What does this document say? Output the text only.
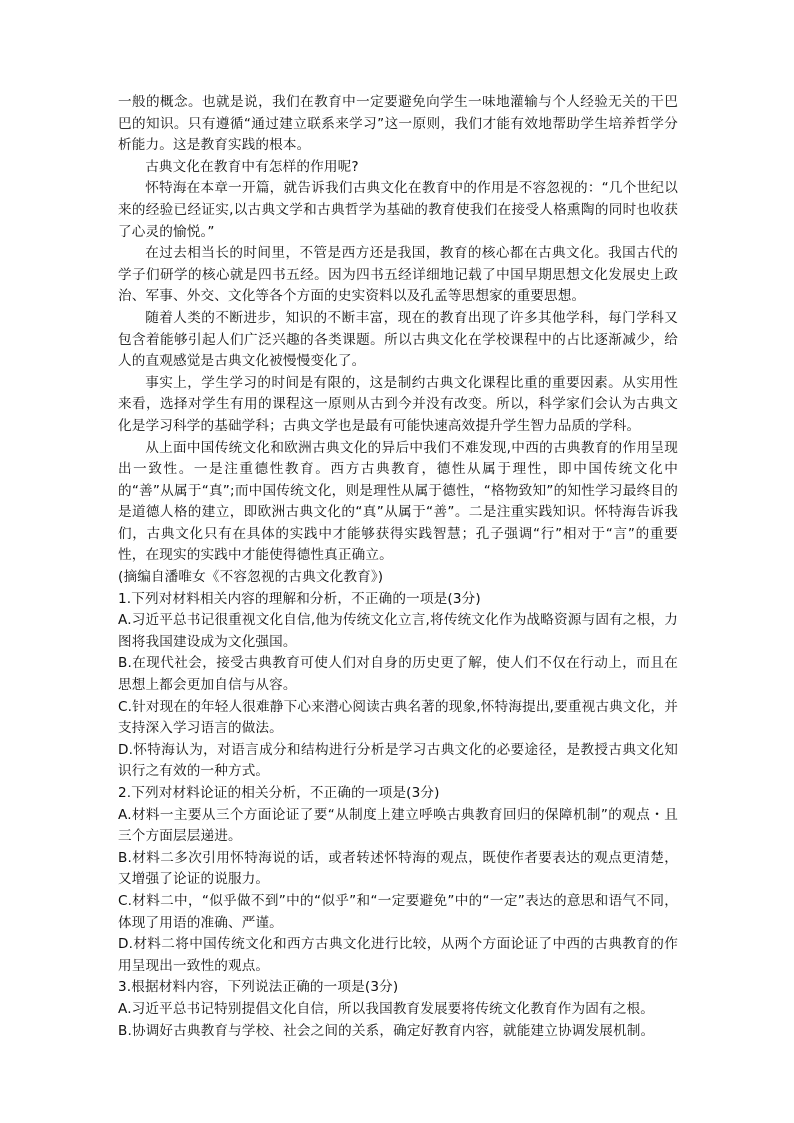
一般的概念。也就是说，我们在教育中一定要避免向学生一味地灌输与个人经验无关的干巴巴的知识。只有遵循“通过建立联系来学习”这一原则，我们才能有效地帮助学生培养哲学分析能力。这是教育实践的根本。

古典文化在教育中有怎样的作用呢?

怀特海在本章一开篇，就告诉我们古典文化在教育中的作用是不容忽视的：“几个世纪以来的经验已经证实,以古典文学和古典哲学为基础的教育使我们在接受人格熏陶的同时也收获了心灵的愉悦。”

在过去相当长的时间里，不管是西方还是我国，教育的核心都在古典文化。我国古代的学子们研学的核心就是四书五经。因为四书五经详细地记载了中国早期思想文化发展史上政治、军事、外交、文化等各个方面的史实资料以及孔孟等思想家的重要思想。

随着人类的不断进步，知识的不断丰富，现在的教育出现了许多其他学科，每门学科又包含着能够引起人们广泛兴趣的各类课题。所以古典文化在学校课程中的占比逐渐减少，给人的直观感觉是古典文化被慢慢变化了。

事实上，学生学习的时间是有限的，这是制约古典文化课程比重的重要因素。从实用性来看，选择对学生有用的课程这一原则从古到今并没有改变。所以，科学家们会认为古典文化是学习科学的基础学科；古典文学也是最有可能快速高效提升学生智力品质的学科。

从上面中国传统文化和欧洲古典文化的异后中我们不难发现,中西的古典教育的作用呈现出一致性。一是注重德性教育。西方古典教育，德性从属于理性，即中国传统文化中的“善”从属于“真”;而中国传统文化，则是理性从属于德性，“格物致知”的知性学习最终目的是道德人格的建立，即欧洲古典文化的“真”从属于“善”。二是注重实践知识。怀特海告诉我们，古典文化只有在具体的实践中才能够获得实践智慧；孔子强调“行”相对于“言”的重要性，在现实的实践中才能使得德性真正确立。

(摘编自潘唯女《不容忽视的古典文化教育》)

1.下列对材料相关内容的理解和分析，不正确的一项是(3分)

A.习近平总书记很重视文化自信,他为传统文化立言,将传统文化作为战略资源与固有之根，力图将我国建设成为文化强国。

B.在现代社会，接受古典教育可使人们对自身的历史更了解，使人们不仅在行动上，而且在思想上都会更加自信与从容。

C.针对现在的年轻人很难静下心来潜心阅读古典名著的现象,怀特海提出,要重视古典文化，并支持深入学习语言的做法。

D.怀特海认为，对语言成分和结构进行分析是学习古典文化的必要途径，是教授古典文化知识行之有效的一种方式。

2.下列对材料论证的相关分析，不正确的一项是(3分)

A.材料一主要从三个方面论证了要“从制度上建立呼唤古典教育回归的保障机制”的观点・且三个方面层层递进。

B.材料二多次引用怀特海说的话，或者转述怀特海的观点，既使作者要表达的观点更清楚，又增强了论证的说服力。

C.材料二中，“似乎做不到”中的“似乎”和“一定要避免”中的“一定”表达的意思和语气不同，体现了用语的准确、严谨。

D.材料二将中国传统文化和西方古典文化进行比较，从两个方面论证了中西的古典教育的作用呈现出一致性的观点。

3.根据材料内容，下列说法正确的一项是(3分)

A.习近平总书记特别提倡文化自信，所以我国教育发展要将传统文化教育作为固有之根。

B.协调好古典教育与学校、社会之间的关系，确定好教育内容，就能建立协调发展机制。
